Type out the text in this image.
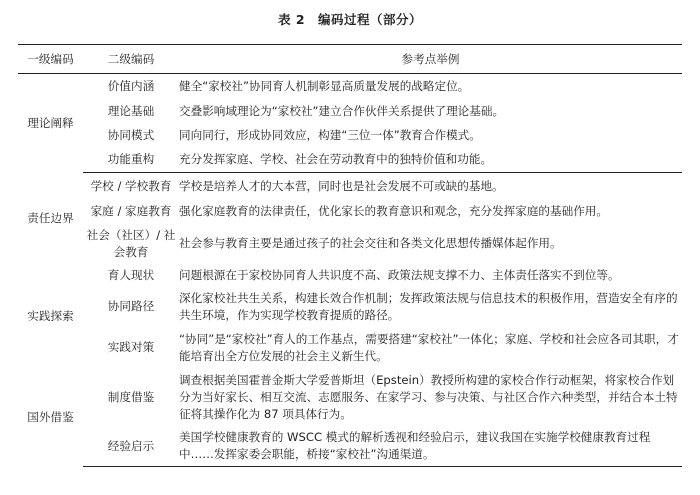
表 2　编码过程（部分）
一级编码	二级编码	参考点举例
理论阐释	价值内涵	健全“家校社”协同育人机制彰显高质量发展的战略定位。
	理论基础	交叠影响域理论为“家校社”建立合作伙伴关系提供了理论基础。
	协同模式	同向同行，形成协同效应，构建“三位一体”教育合作模式。
	功能重构	充分发挥家庭、学校、社会在劳动教育中的独特价值和功能。
责任边界	学校 / 学校教育	学校是培养人才的大本营，同时也是社会发展不可或缺的基地。
	家庭 / 家庭教育	强化家庭教育的法律责任，优化家长的教育意识和观念，充分发挥家庭的基础作用。
	社会（社区）/ 社会教育	社会参与教育主要是通过孩子的社会交往和各类文化思想传播媒体起作用。
实践探索	育人现状	问题根源在于家校协同育人共识度不高、政策法规支撑不力、主体责任落实不到位等。
	协同路径	深化家校社共生关系，构建长效合作机制；发挥政策法规与信息技术的积极作用，营造安全有序的共生环境，作为实现学校教育提质的路径。
	实践对策	“协同”是“家校社”育人的工作基点，需要搭建“家校社”一体化；家庭、学校和社会应各司其职，才能培育出全方位发展的社会主义新生代。
国外借鉴	制度借鉴	调查根据美国霍普金斯大学爱普斯坦（Epstein）教授所构建的家校合作行动框架，将家校合作划分为当好家长、相互交流、志愿服务、在家学习、参与决策、与社区合作六种类型，并结合本土特征将其操作化为 87 项具体行为。
	经验启示	美国学校健康教育的 WSCC 模式的解析透视和经验启示，建议我国在实施学校健康教育过程中……发挥家委会职能，桥接“家校社”沟通渠道。
